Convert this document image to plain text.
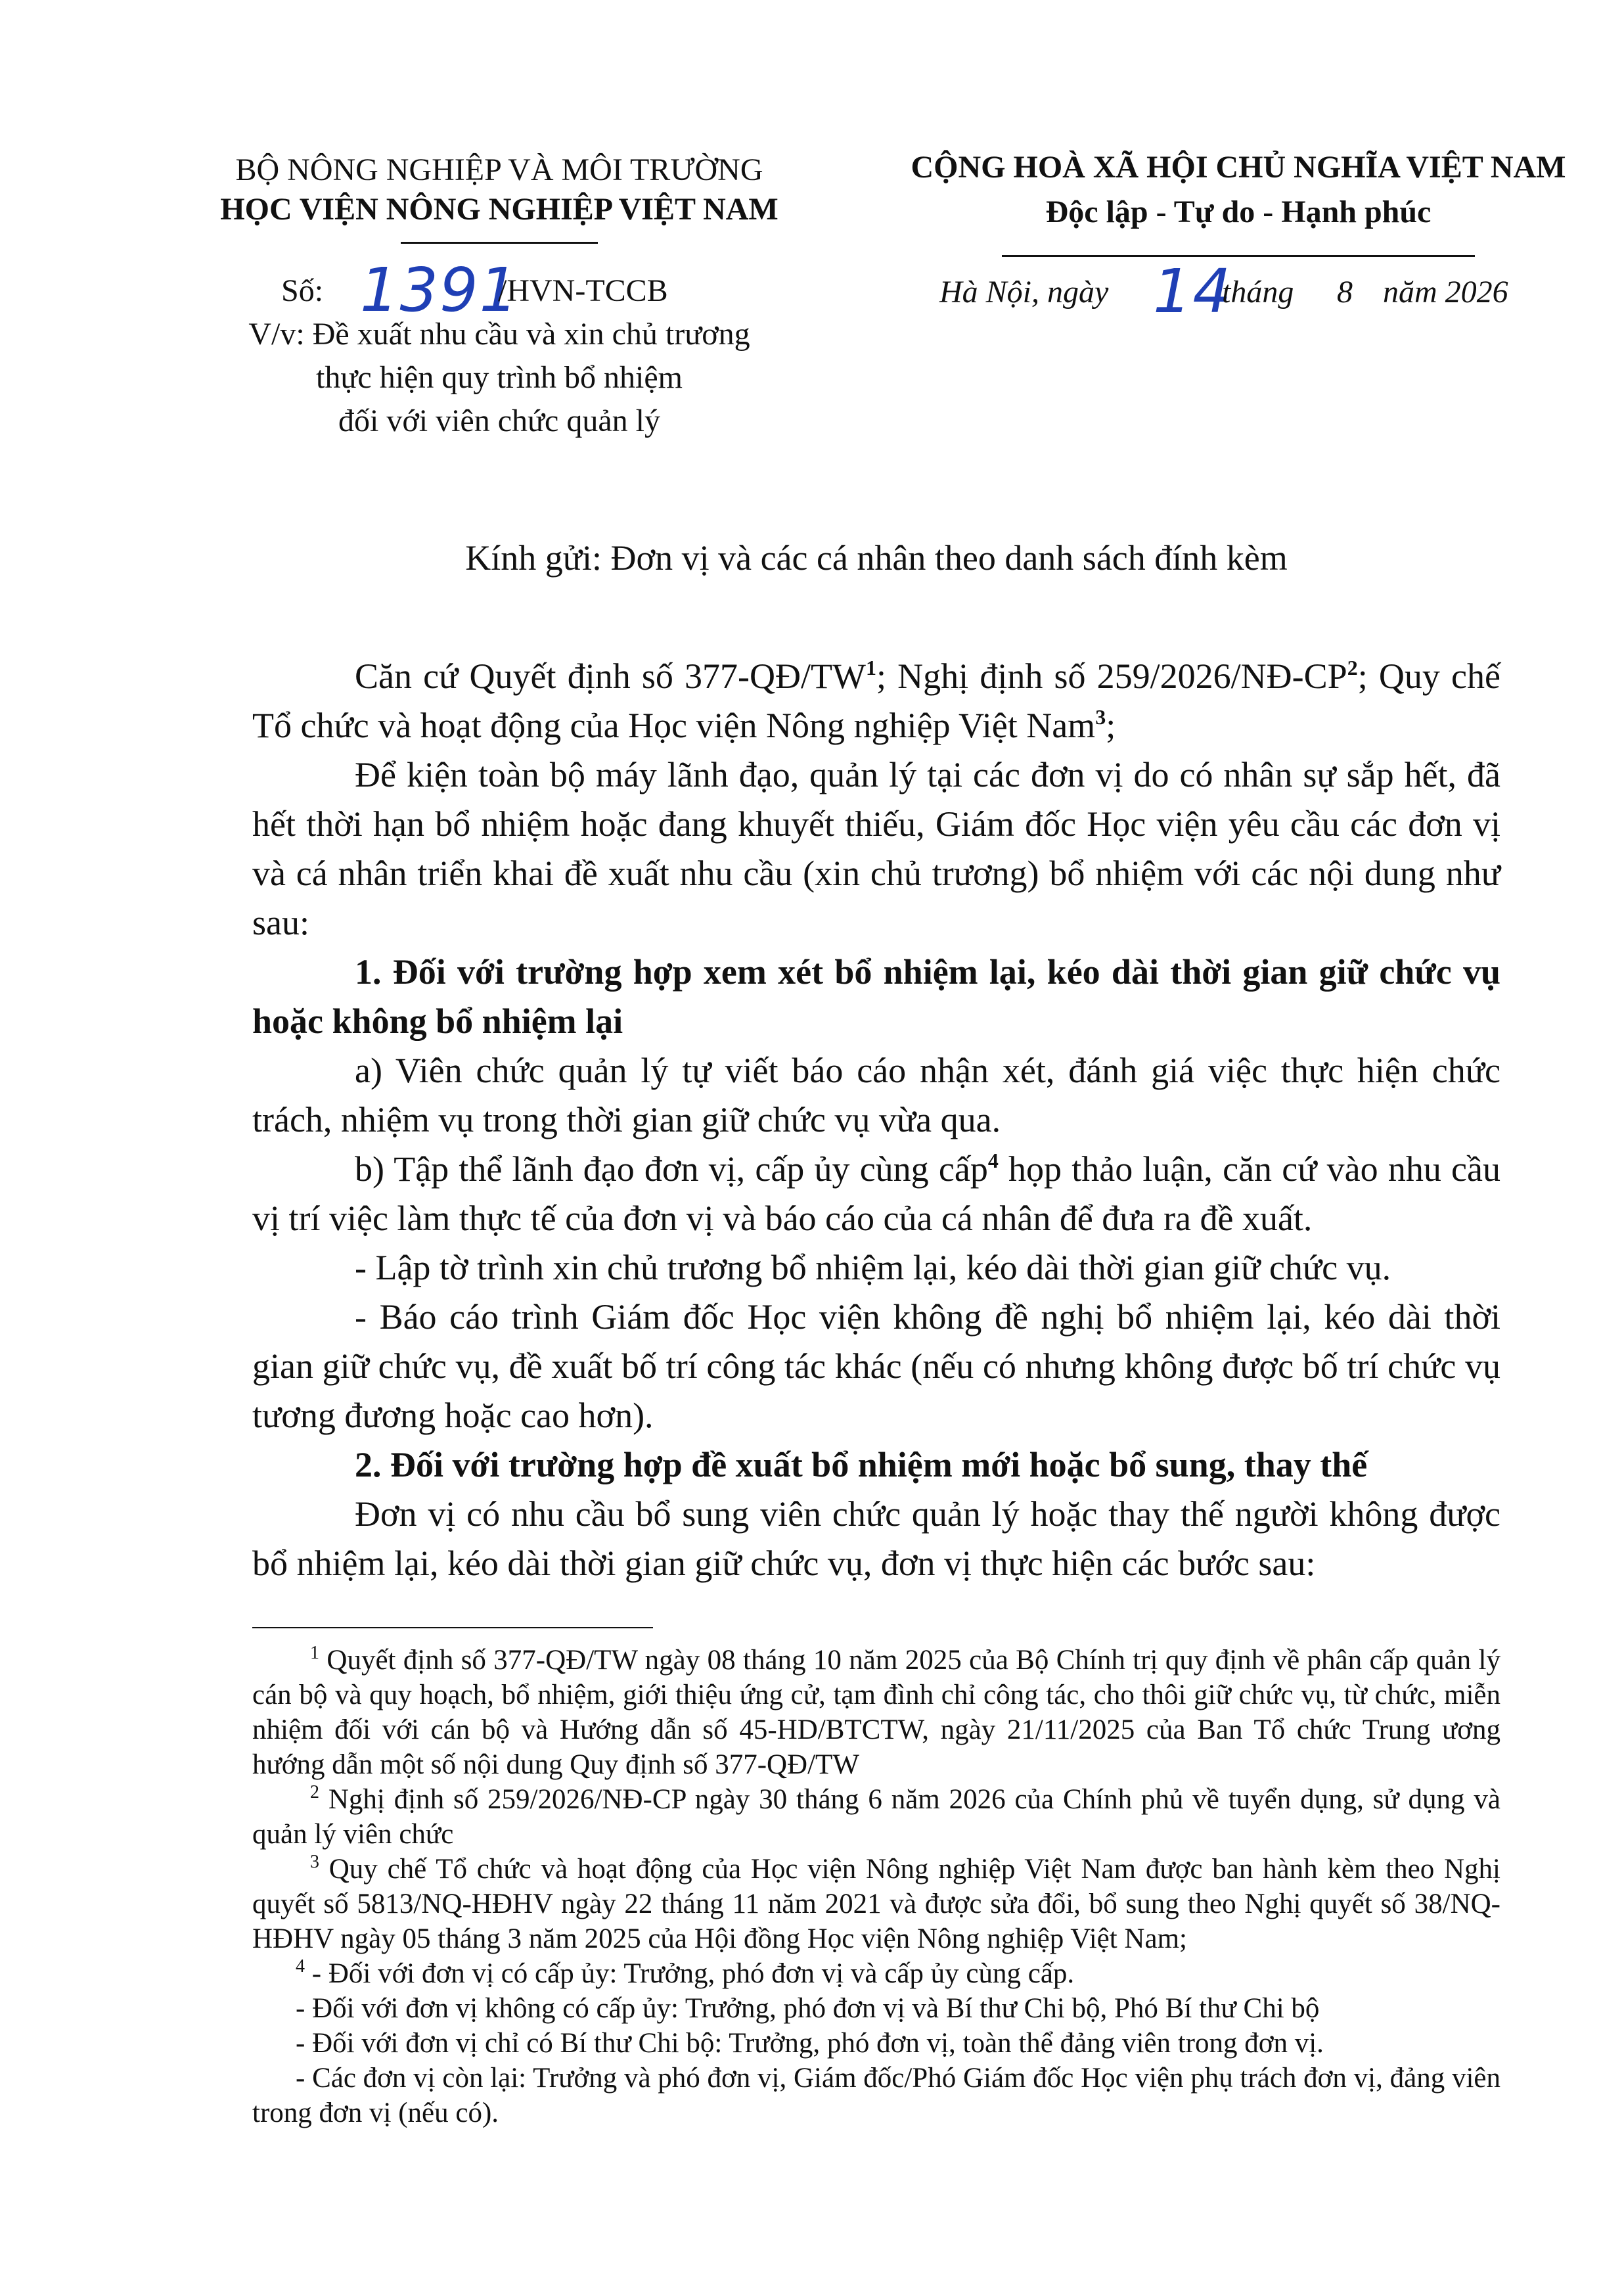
BỘ NÔNG NGHIỆP VÀ MÔI TRƯỜNG
HỌC VIỆN NÔNG NGHIỆP VIỆT NAM
Số: 1391
/HVN-TCCB
V/v: Đề xuất nhu cầu và xin chủ trương
thực hiện quy trình bổ nhiệm
đối với viên chức quản lý
CỘNG HOÀ XÃ HỘI CHỦ NGHĨA VIỆT NAM
Độc lập - Tự do - Hạnh phúc
Hà Nội, ngày 14
tháng 8 năm 2026
Kính gửi: Đơn vị và các cá nhân theo danh sách đính kèm
Căn cứ Quyết định số $377-QĐ/TW^1$; Nghị định số $259/2026/NĐ-CP^2$; Quy chế Tổ chức và hoạt động của Học viện Nông nghiệp Việt Nam$^3$;
Để kiện toàn bộ máy lãnh đạo, quản lý tại các đơn vị do có nhân sự sắp hết, đã hết thời hạn bổ nhiệm hoặc đang khuyết thiếu, Giám đốc Học viện yêu cầu các đơn vị và cá nhân triển khai đề xuất nhu cầu (xin chủ trương) bổ nhiệm với các nội dung như sau:
1. Đối với trường hợp xem xét bổ nhiệm lại, kéo dài thời gian giữ chức vụ hoặc không bổ nhiệm lại
a) Viên chức quản lý tự viết báo cáo nhận xét, đánh giá việc thực hiện chức trách, nhiệm vụ trong thời gian giữ chức vụ vừa qua.
b) Tập thể lãnh đạo đơn vị, cấp ủy cùng cấp$^4$ họp thảo luận, căn cứ vào nhu cầu vị trí việc làm thực tế của đơn vị và báo cáo của cá nhân để đưa ra đề xuất.
- Lập tờ trình xin chủ trương bổ nhiệm lại, kéo dài thời gian giữ chức vụ.
- Báo cáo trình Giám đốc Học viện không đề nghị bổ nhiệm lại, kéo dài thời gian giữ chức vụ, đề xuất bố trí công tác khác (nếu có nhưng không được bố trí chức vụ tương đương hoặc cao hơn).
2. Đối với trường hợp đề xuất bổ nhiệm mới hoặc bổ sung, thay thế
Đơn vị có nhu cầu bổ sung viên chức quản lý hoặc thay thế người không được bổ nhiệm lại, kéo dài thời gian giữ chức vụ, đơn vị thực hiện các bước sau:
$^1$ Quyết định số 377-QĐ/TW ngày 08 tháng 10 năm 2025 của Bộ Chính trị quy định về phân cấp quản lý cán bộ và quy hoạch, bổ nhiệm, giới thiệu ứng cử, tạm đình chỉ công tác, cho thôi giữ chức vụ, từ chức, miễn nhiệm đối với cán bộ và Hướng dẫn số 45-HD/BTCTW, ngày 21/11/2025 của Ban Tổ chức Trung ương hướng dẫn một số nội dung Quy định số 377-QĐ/TW
$^2$ Nghị định số 259/2026/NĐ-CP ngày 30 tháng 6 năm 2026 của Chính phủ về tuyển dụng, sử dụng và quản lý viên chức
$^3$ Quy chế Tổ chức và hoạt động của Học viện Nông nghiệp Việt Nam được ban hành kèm theo Nghị quyết số 5813/NQ-HĐHV ngày 22 tháng 11 năm 2021 và được sửa đổi, bổ sung theo Nghị quyết số 38/NQ-HĐHV ngày 05 tháng 3 năm 2025 của Hội đồng Học viện Nông nghiệp Việt Nam;
$^4$ - Đối với đơn vị có cấp ủy: Trưởng, phó đơn vị và cấp ủy cùng cấp.
- Đối với đơn vị không có cấp ủy: Trưởng, phó đơn vị và Bí thư Chi bộ, Phó Bí thư Chi bộ
- Đối với đơn vị chỉ có Bí thư Chi bộ: Trưởng, phó đơn vị, toàn thể đảng viên trong đơn vị.
- Các đơn vị còn lại: Trưởng và phó đơn vị, Giám đốc/Phó Giám đốc Học viện phụ trách đơn vị, đảng viên trong đơn vị (nếu có).
